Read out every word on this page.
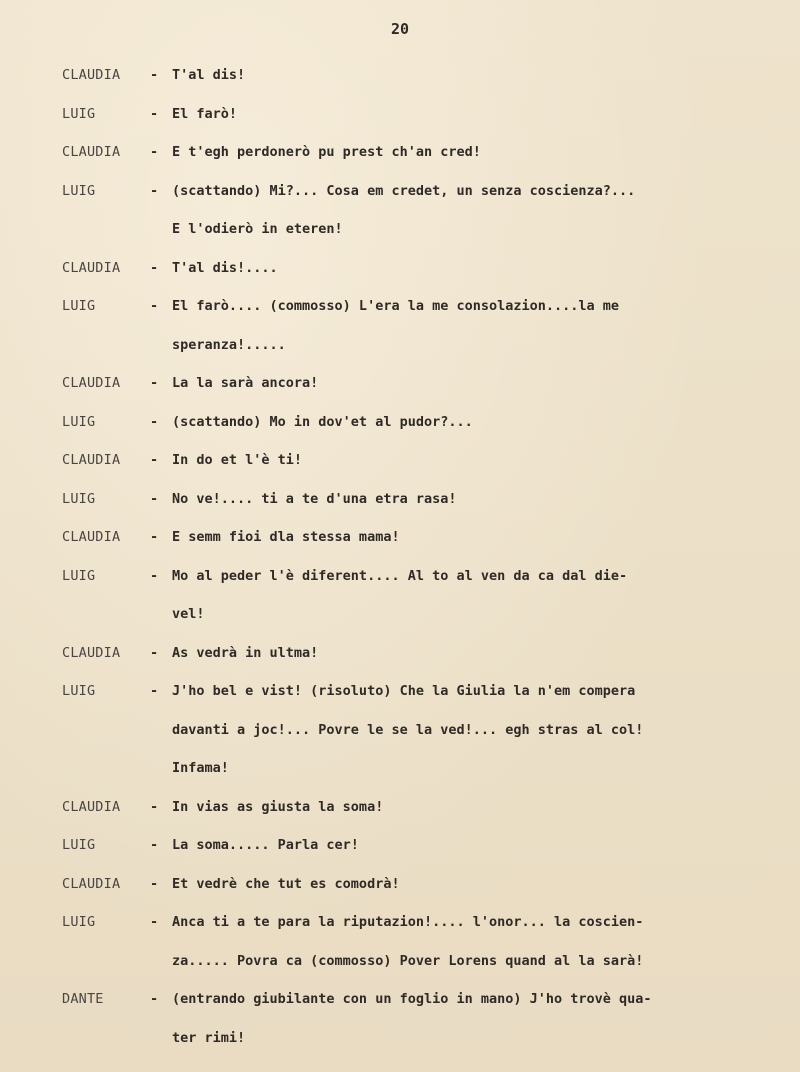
20
CLAUDIA	-	T'al dis!
LUIG	-	El farò!
CLAUDIA	-	E t'egh perdonerò pu prest ch'an cred!
LUIG	-	(scattando) Mi?... Cosa em credet, un senza coscienza?...
E l'odierò in eteren!
CLAUDIA	-	T'al dis!....
LUIG	-	El farò.... (commosso) L'era la me consolazion....la me
speranza!.....
CLAUDIA	-	La la sarà ancora!
LUIG	-	(scattando) Mo in dov'et al pudor?...
CLAUDIA	-	In do et l'è ti!
LUIG	-	No ve!.... ti a te d'una etra rasa!
CLAUDIA	-	E semm fioi dla stessa mama!
LUIG	-	Mo al peder l'è diferent.... Al to al ven da ca dal die-
vel!
CLAUDIA	-	As vedrà in ultma!
LUIG	-	J'ho bel e vist! (risoluto) Che la Giulia la n'em compera
davanti a joc!... Povre le se la ved!... egh stras al col!
Infama!
CLAUDIA	-	In vias as giusta la soma!
LUIG	-	La soma..... Parla cer!
CLAUDIA	-	Et vedrè che tut es comodrà!
LUIG	-	Anca ti a te para la riputazion!.... l'onor... la coscien-
za..... Povra ca (commosso) Pover Lorens quand al la sarà!
DANTE	-	(entrando giubilante con un foglio in mano) J'ho trovè qua-
ter rimi!
